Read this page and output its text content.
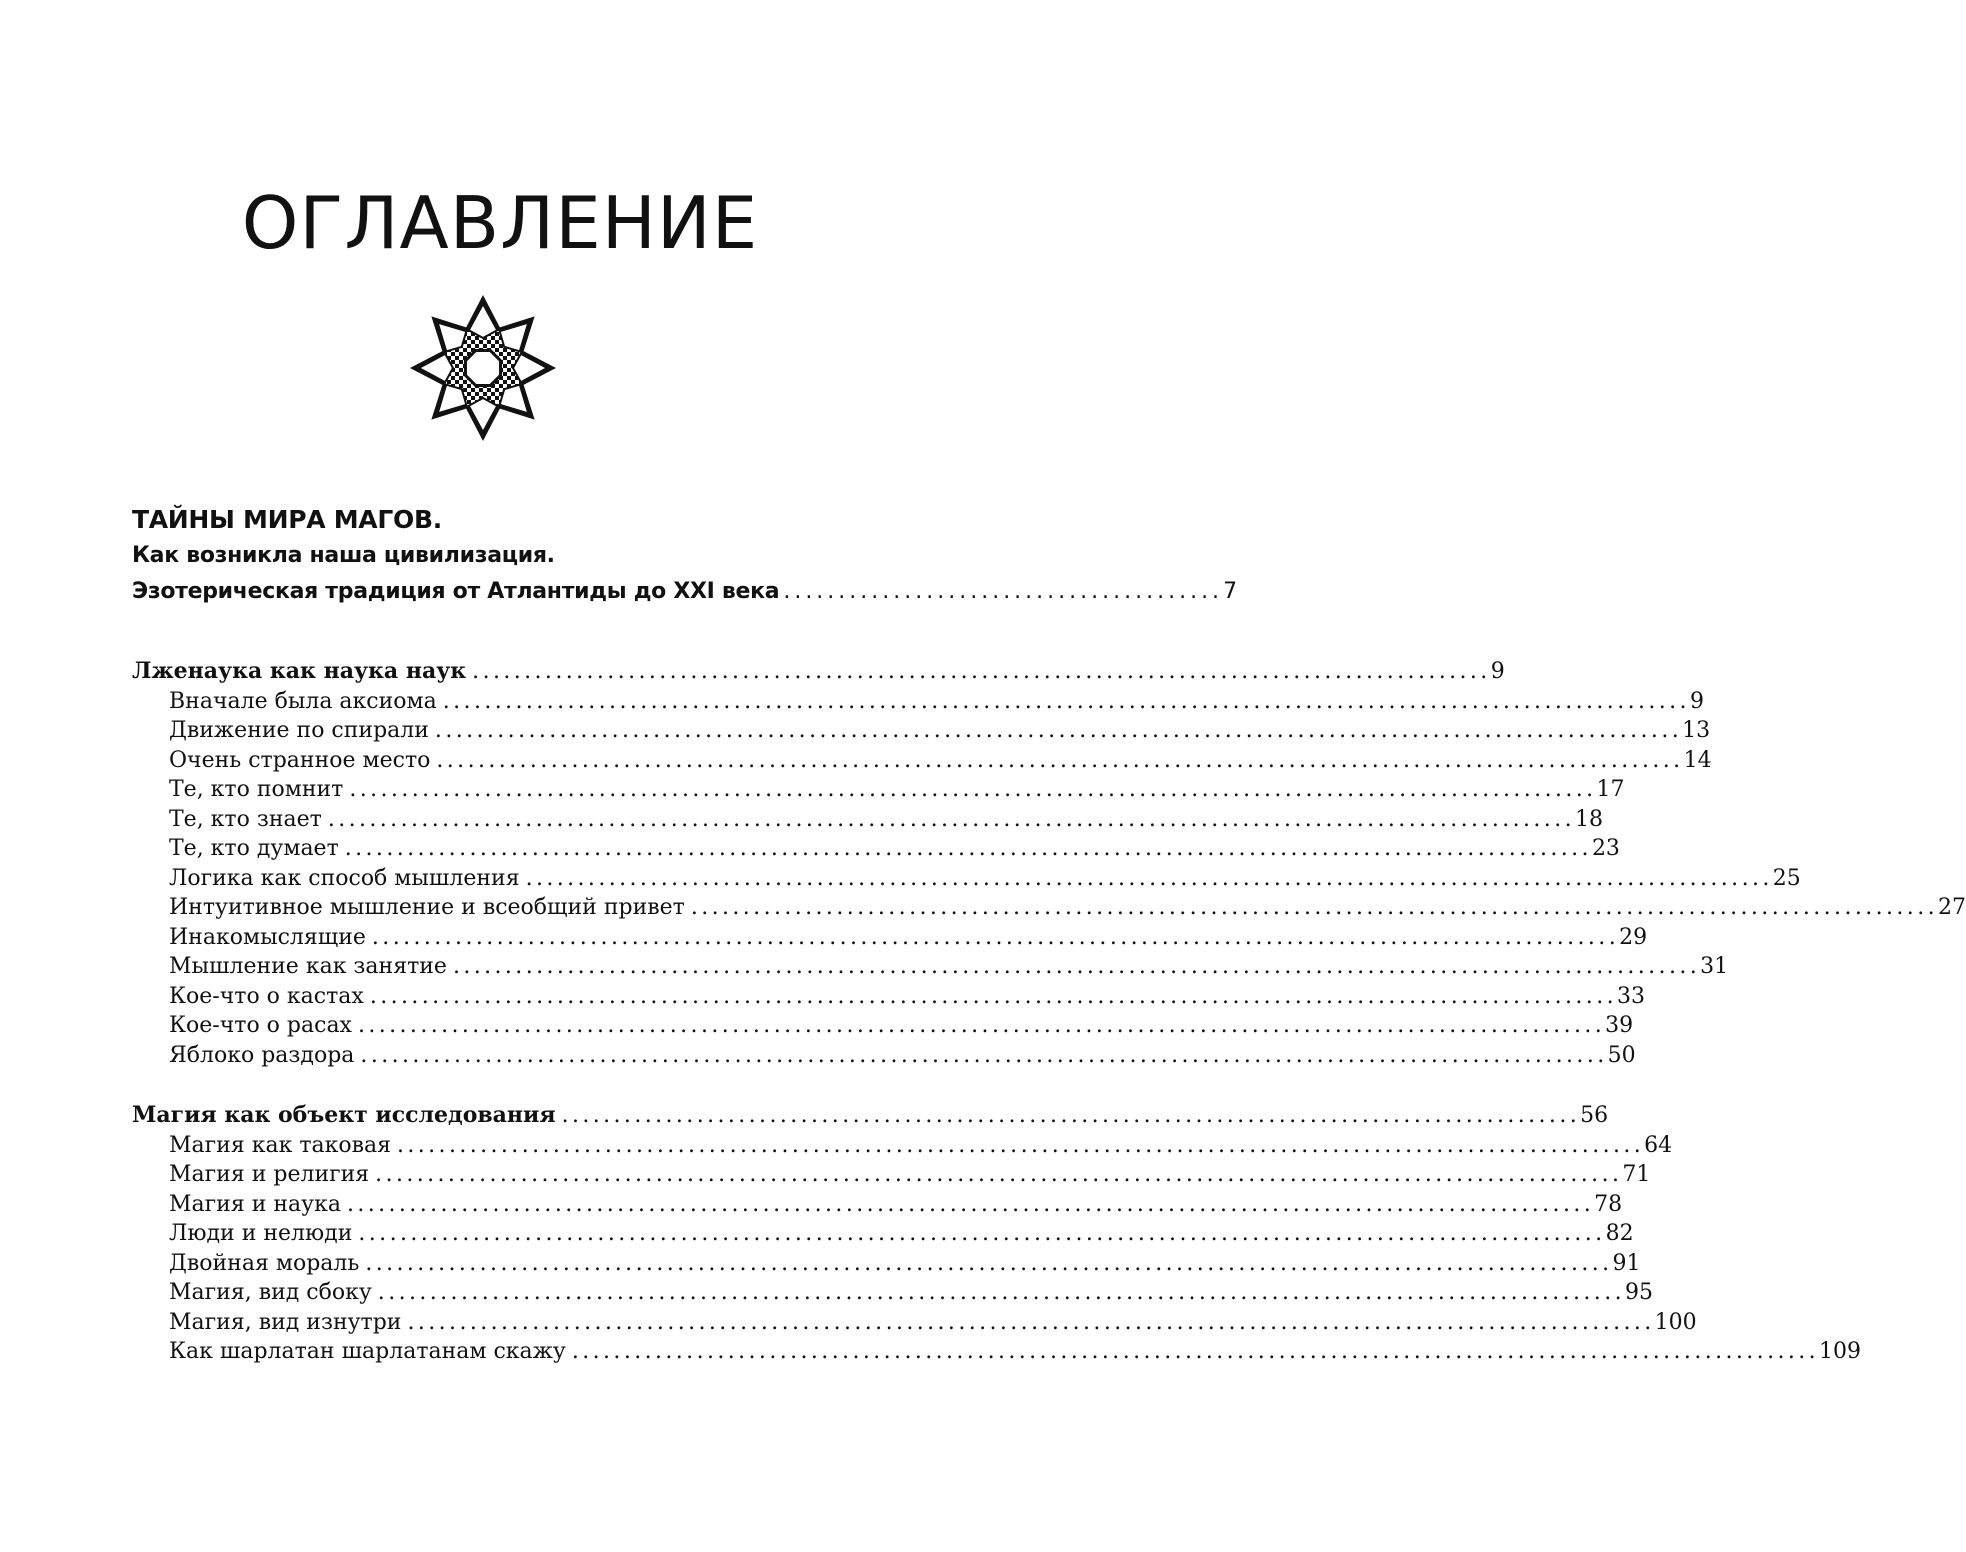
ОГЛАВЛЕНИЕ
ТАЙНЫ МИРА МАГОВ.
Как возникла наша цивилизация.
Эзотерическая традиция от Атлантиды до XXI века ........................................ 7
Лженаука как наука наук .................................................................................................. 9
Вначале была аксиома ........................................................................................................................ 9
Движение по спирали ........................................................................................................................ 13
Очень странное место ........................................................................................................................ 14
Те, кто помнит ........................................................................................................................ 17
Те, кто знает ........................................................................................................................ 18
Те, кто думает ........................................................................................................................ 23
Логика как способ мышления ........................................................................................................................ 25
Интуитивное мышление и всеобщий привет ........................................................................................................................ 27
Инакомыслящие ........................................................................................................................ 29
Мышление как занятие ........................................................................................................................ 31
Кое-что о кастах ........................................................................................................................ 33
Кое-что о расах ........................................................................................................................ 39
Яблоко раздора ........................................................................................................................ 50
Магия как объект исследования .................................................................................................. 56
Магия как таковая ........................................................................................................................ 64
Магия и религия ........................................................................................................................ 71
Магия и наука ........................................................................................................................ 78
Люди и нелюди ........................................................................................................................ 82
Двойная мораль ........................................................................................................................ 91
Магия, вид сбоку ........................................................................................................................ 95
Магия, вид изнутри ........................................................................................................................ 100
Как шарлатан шарлатанам скажу ........................................................................................................................ 109
